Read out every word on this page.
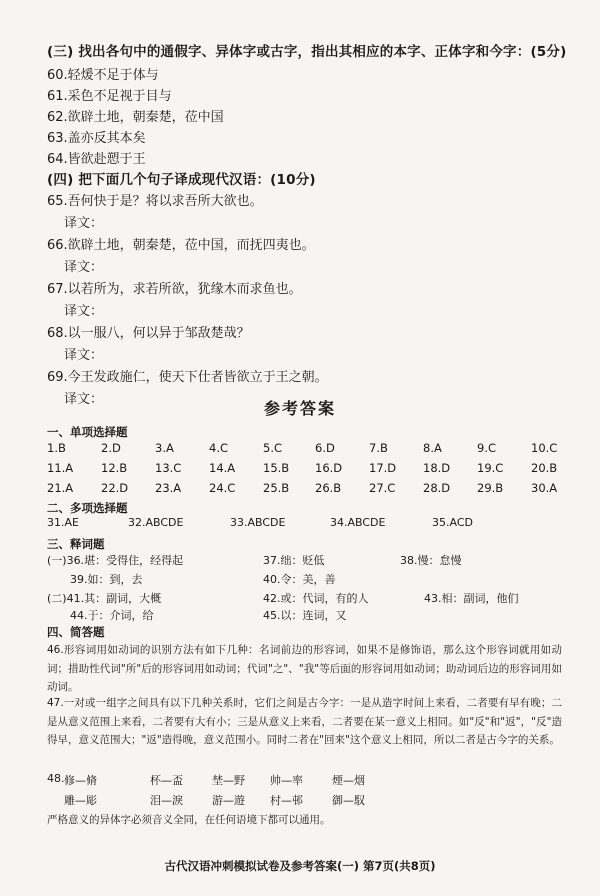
(三) 找出各句中的通假字、异体字或古字，指出其相应的本字、正体字和今字：(5分)
60.轻煖不足于体与
61.采色不足视于目与
62.欲辟土地，朝秦楚，莅中国
63.盖亦反其本矣
64.皆欲赴愬于王
(四) 把下面几个句子译成现代汉语：(10分)
65.吾何快于是？将以求吾所大欲也。
译文：
66.欲辟土地，朝秦楚，莅中国，而抚四夷也。
译文：
67.以若所为，求若所欲，犹缘木而求鱼也。
译文：
68.以一服八，何以异于邹敌楚哉？
译文：
69.今王发政施仁，使天下仕者皆欲立于王之朝。
译文：	参考答案
一、单项选择题
1.B	2.D	3.A	4.C	5.C	6.D	7.B	8.A	9.C	10.C
11.A 12.B 13.C 14.A 15.B 16.D 17.D 18.D 19.C 20.B
21.A 22.D 23.A 24.C 25.B 26.B 27.C 28.D 29.B 30.A
二、多项选择题
31.AE	32.ABCDE	33.ABCDE	34.ABCDE	35.ACD
三、释词题
(一)36.堪：受得住，经得起	37.绌：贬低	38.慢：怠慢
39.如：到，去	40.令：美，善
(二)41.其：副词，大概	42.或：代词，有的人	43.相：副词，他们
44.于：介词，给	45.以：连词，又
四、简答题
46.形容词用如动词的识别方法有如下几种：名词前边的形容词，如果不是修饰语，那么这个形容词就用如动词；措助性代词"所"后的形容词用如动词；代词"之"、"我"等后面的形容词用如动词；助动词后边的形容词用如动词。
47.一对或一组字之间具有以下几种关系时，它们之间是古今字：一是从造字时间上来看，二者要有早有晚；二是从意义范围上来看，二者要有大有小；三是从意义上来看，二者要在某一意义上相同。如"反"和"返"，"反"造得早，意义范围大；"返"造得晚，意义范围小。同时二者在"回来"这个意义上相同，所以二者是古今字的关系。
48. 修—脩	杯—盃	埜—野 帅—率	煙—烟
雕—彫	泪—淚	游—遊 村—邨	御—馭
严格意义的异体字必须音义全同，在任何语境下都可以通用。
古代汉语冲刺模拟试卷及参考答案(一) 第7页(共8页)
